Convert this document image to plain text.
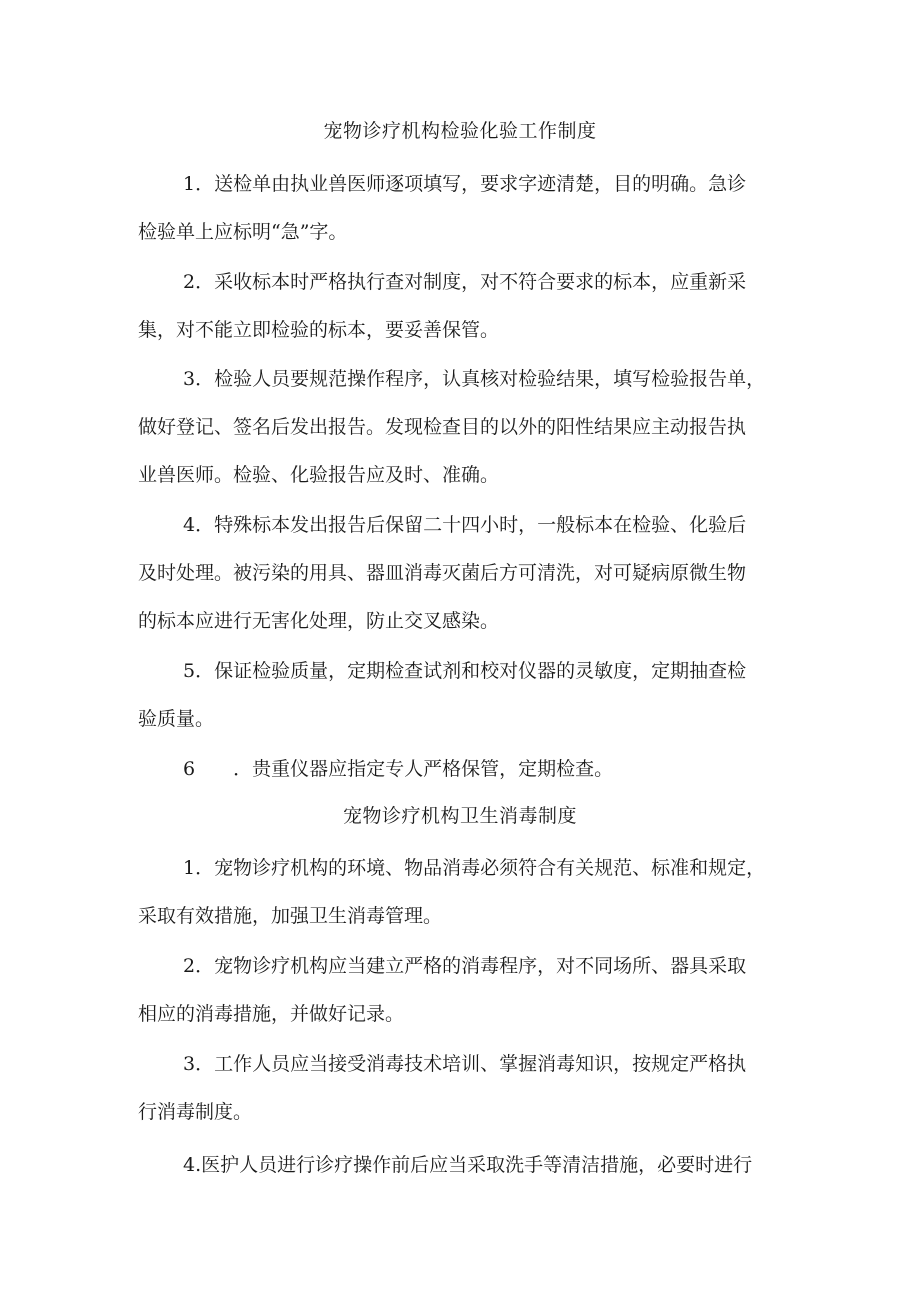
宠物诊疗机构检验化验工作制度

1．送检单由执业兽医师逐项填写，要求字迹清楚，目的明确。急诊

检验单上应标明“急”字。

2．采收标本时严格执行查对制度，对不符合要求的标本，应重新采

集，对不能立即检验的标本，要妥善保管。

3．检验人员要规范操作程序，认真核对检验结果，填写检验报告单，

做好登记、签名后发出报告。发现检查目的以外的阳性结果应主动报告执

业兽医师。检验、化验报告应及时、准确。

4．特殊标本发出报告后保留二十四小时，一般标本在检验、化验后

及时处理。被污染的用具、器皿消毒灭菌后方可清洗，对可疑病原微生物

的标本应进行无害化处理，防止交叉感染。

5．保证检验质量，定期检查试剂和校对仪器的灵敏度，定期抽查检

验质量。

6　　．贵重仪器应指定专人严格保管，定期检查。

宠物诊疗机构卫生消毒制度

1．宠物诊疗机构的环境、物品消毒必须符合有关规范、标准和规定，

采取有效措施，加强卫生消毒管理。

2．宠物诊疗机构应当建立严格的消毒程序，对不同场所、器具采取

相应的消毒措施，并做好记录。

3．工作人员应当接受消毒技术培训、掌握消毒知识，按规定严格执

行消毒制度。

4.医护人员进行诊疗操作前后应当采取洗手等清洁措施，必要时进行
